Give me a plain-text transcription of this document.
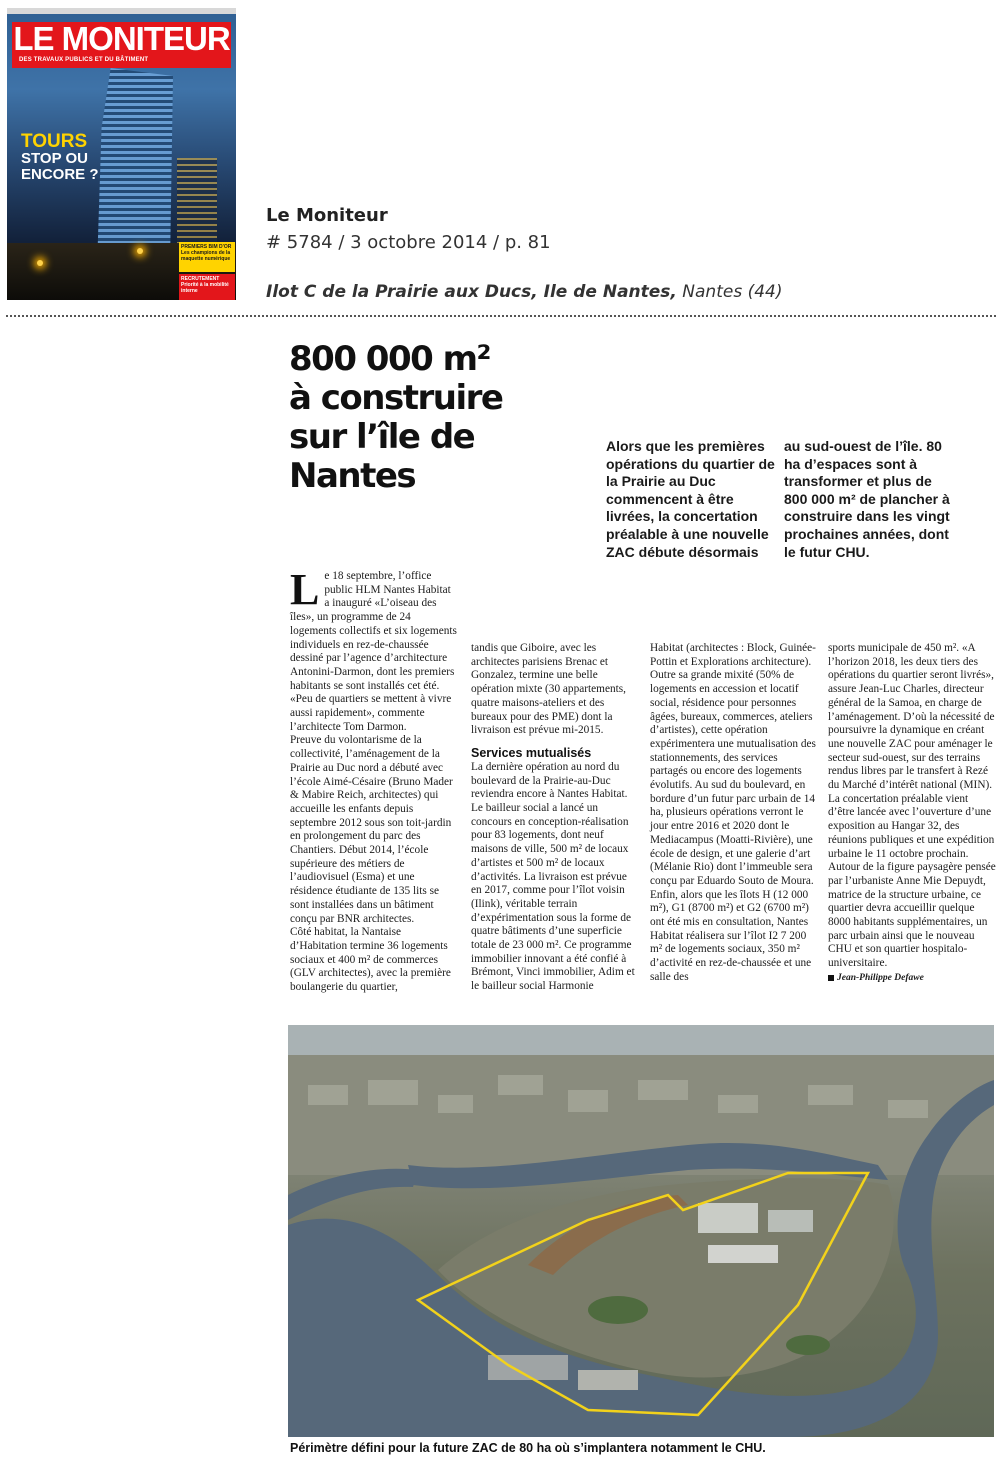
LE MONITEUR
DES TRAVAUX PUBLICS ET DU BÂTIMENT
TOURS
STOP OU
ENCORE ?
PREMIERS BIM D'OR
Les champions de la maquette numérique
RECRUTEMENT
Priorité à la mobilité interne
Le Moniteur
# 5784 / 3 octobre 2014 / p. 81
Ilot C de la Prairie aux Ducs, Ile de Nantes, Nantes (44)
800 000 m²
à construire
sur l’île de Nantes
Alors que les premières opérations du quartier de la Prairie au Duc commencent à être livrées, la concertation préalable à une nouvelle ZAC débute désormais
au sud-ouest de l’île. 80 ha d’espaces sont à transformer et plus de 800 000 m² de plancher à construire dans les vingt prochaines années, dont le futur CHU.

Le 18 septembre, l’office public HLM Nantes Habitat a inauguré «L’oiseau des îles», un programme de 24 logements collectifs et six logements individuels en rez-de-chaussée dessiné par l’agence d’architecture Antonini-Darmon, dont les premiers habitants se sont installés cet été. «Peu de quartiers se mettent à vivre aussi rapidement», commente l’architecte Tom Darmon.

Preuve du volontarisme de la collectivité, l’aménagement de la Prairie au Duc nord a débuté avec l’école Aimé-Césaire (Bruno Mader & Mabire Reich, architectes) qui accueille les enfants depuis septembre 2012 sous son toit-jardin en prolongement du parc des Chantiers. Début 2014, l’école supérieure des métiers de l’audiovisuel (Esma) et une résidence étudiante de 135 lits se sont installées dans un bâtiment conçu par BNR architectes.

Côté habitat, la Nantaise d’Habitation termine 36 logements sociaux et 400 m² de commerces (GLV architectes), avec la première boulangerie du quartier,

tandis que Giboire, avec les architectes parisiens Brenac et Gonzalez, termine une belle opération mixte (30 appartements, quatre maisons-ateliers et des bureaux pour des PME) dont la livraison est prévue mi-2015.

Services mutualisés

La dernière opération au nord du boulevard de la Prairie-au-Duc reviendra encore à Nantes Habitat. Le bailleur social a lancé un concours en conception-réalisation pour 83 logements, dont neuf maisons de ville, 500 m² de locaux d’artistes et 500 m² de locaux d’activités. La livraison est prévue en 2017, comme pour l’îlot voisin (Ilink), véritable terrain d’expérimentation sous la forme de quatre bâtiments d’une superficie totale de 23 000 m². Ce programme immobilier innovant a été confié à Brémont, Vinci immobilier, Adim et le bailleur social Harmonie

Habitat (architectes : Block, Guinée-Pottin et Explorations architecture). Outre sa grande mixité (50% de logements en accession et locatif social, résidence pour personnes âgées, bureaux, commerces, ateliers d’artistes), cette opération expérimentera une mutualisation des stationnements, des services partagés ou encore des logements évolutifs. Au sud du boulevard, en bordure d’un futur parc urbain de 14 ha, plusieurs opérations verront le jour entre 2016 et 2020 dont le Mediacampus (Moatti-Rivière), une école de design, et une galerie d’art (Mélanie Rio) dont l’immeuble sera conçu par Eduardo Souto de Moura. Enfin, alors que les îlots H (12 000 m²), G1 (8700 m²) et G2 (6700 m²) ont été mis en consultation, Nantes Habitat réalisera sur l’îlot I2 7 200 m² de logements sociaux, 350 m² d’activité en rez-de-chaussée et une salle des

sports municipale de 450 m². «A l’horizon 2018, les deux tiers des opérations du quartier seront livrés», assure Jean-Luc Charles, directeur général de la Samoa, en charge de l’aménagement. D’où la nécessité de poursuivre la dynamique en créant une nouvelle ZAC pour aménager le secteur sud-ouest, sur des terrains rendus libres par le transfert à Rezé du Marché d’intérêt national (MIN). La concertation préalable vient d’être lancée avec l’ouverture d’une exposition au Hangar 32, des réunions publiques et une expédition urbaine le 11 octobre prochain. Autour de la figure paysagère pensée par l’urbaniste Anne Mie Depuydt, matrice de la structure urbaine, ce quartier devra accueillir quelque 8000 habitants supplémentaires, un parc urbain ainsi que le nouveau CHU et son quartier hospitalo-universitaire.

Jean-Philippe Defawe
Périmètre défini pour la future ZAC de 80 ha où s’implantera notamment le CHU.
